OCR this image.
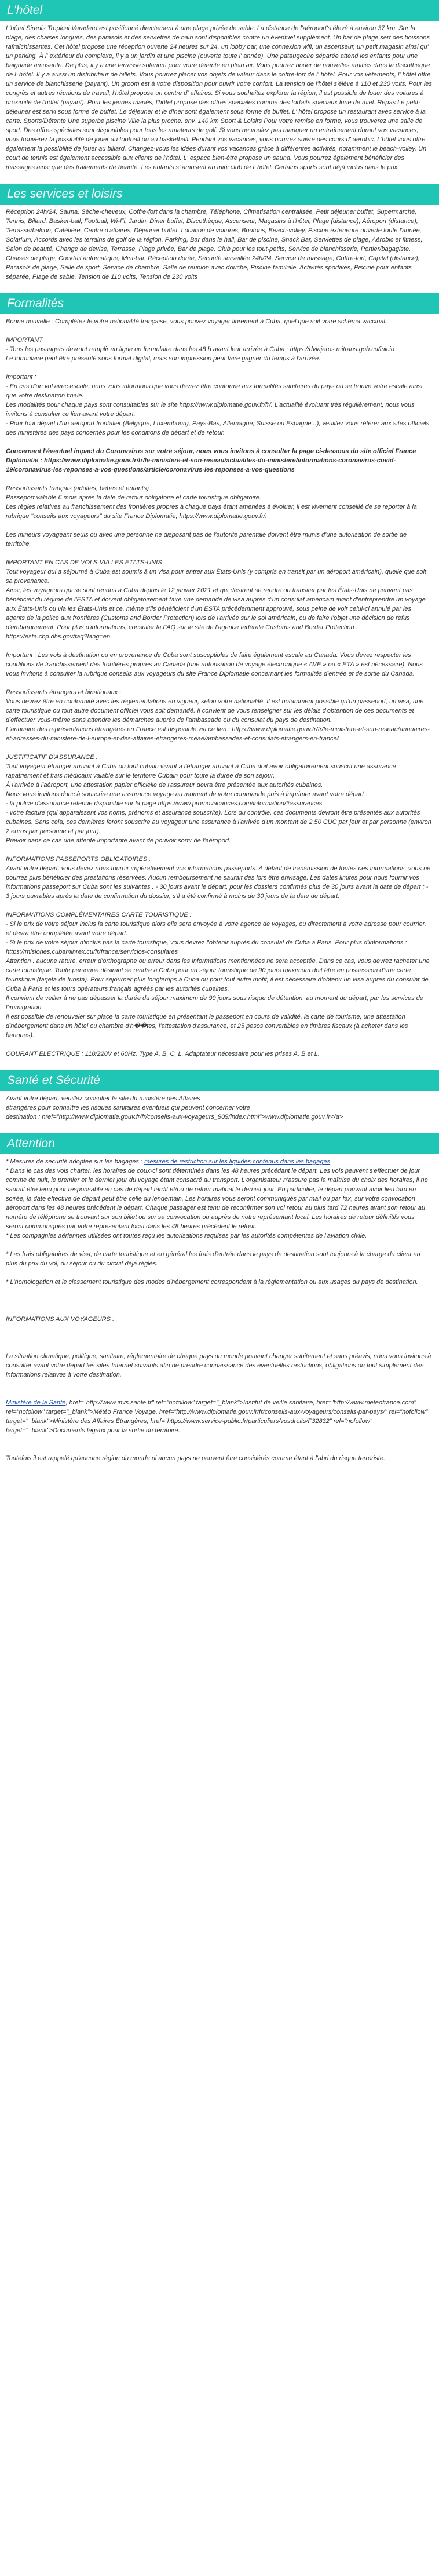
L'hôtel

L'hôtel Sirenis Tropical Varadero est positionné directement à une plage privée de sable. La distance de l'aéroport's élevé à environ 37 km. Sur la plage, des chaises longues, des parasols et des serviettes de bain sont disponibles contre un éventuel supplément. Un bar de plage sert des boissons rafraîchissantes. Cet hôtel propose une réception ouverte 24 heures sur 24, un lobby bar, une connexion wifi, un ascenseur, un petit magasin ainsi qu' un parking. À l' extérieur du complexe, il y a un jardin et une piscine (ouverte toute l' année). Une pataugeoire séparée attend les enfants pour une baignade amusante. De plus, il y a une terrasse solarium pour votre détente en plein air. Vous pourrez nouer de nouvelles amitiés dans la discothèque de l' hôtel. Il y a aussi un distributeur de billets. Vous pourrez placer vos objets de valeur dans le coffre-fort de l' hôtel. Pour vos vêtements, l' hôtel offre un service de blanchisserie (payant). Un groom est à votre disposition pour ouvrir votre confort. La tension de l'hôtel s'élève à 110 et 230 volts. Pour les congrès et autres réunions de travail, l'hôtel propose un centre d' affaires. Si vous souhaitez explorer la région, il est possible de louer des voitures à proximité de l'hôtel (payant). Pour les jeunes mariés, l'hôtel propose des offres spéciales comme des forfaits spéciaux lune de miel. Repas Le petit-déjeuner est servi sous forme de buffet. Le déjeuner et le dîner sont également sous forme de buffet. L' hôtel propose un restaurant avec service à la carte. Sports/Détente Une superbe piscine Ville la plus proche: env. 140 km Sport & Loisirs Pour votre remise en forme, vous trouverez une salle de sport. Des offres spéciales sont disponibles pour tous les amateurs de golf. Si vous ne voulez pas manquer un entraînement durant vos vacances, vous trouverez la possibilité de jouer au football ou au basketball. Pendant vos vacances, vous pourrez suivre des cours d' aérobic. L'hôtel vous offre également la possibilité de jouer au billard. Changez-vous les idées durant vos vacances grâce à différentes activités, notamment le beach-volley. Un court de tennis est également accessible aux clients de l'hôtel. L' espace bien-être propose un sauna. Vous pourrez également bénéficier des massages ainsi que des traitements de beauté. Les enfants s' amusent au mini club de l' hôtel. Certains sports sont déjà inclus dans le prix.

Les services et loisirs

Réception 24h/24, Sauna, Sèche-cheveux, Coffre-fort dans la chambre, Téléphone, Climatisation centralisée, Petit déjeuner buffet, Supermarché, Tennis, Billard, Basket-ball, Football, Wi-Fi, Jardin, Dîner buffet, Discothèque, Ascenseur, Magasins à l'hôtel, Plage (distance), Aéroport (distance), Terrasse/balcon, Cafétière, Centre d'affaires, Déjeuner buffet, Location de voitures, Boutons, Beach-volley, Piscine extérieure ouverte toute l'année, Solarium, Accords avec les terrains de golf de la région, Parking, Bar dans le hall, Bar de piscine, Snack Bar, Serviettes de plage, Aérobic et fitness, Salon de beauté, Change de devise, Terrasse, Plage privée, Bar de plage, Club pour les tout-petits, Service de blanchisserie, Portier/bagagiste, Chaises de plage, Cocktail automatique, Mini-bar, Réception dorée, Sécurité surveillée 24h/24, Service de massage, Coffre-fort, Capital (distance), Parasols de plage, Salle de sport, Service de chambre, Salle de réunion avec douche, Piscine familiale, Activités sportives, Piscine pour enfants séparée, Plage de sable, Tension de 110 volts, Tension de 230 volts

Formalités

Bonne nouvelle : Complétez le votre nationalité française, vous pouvez voyager librement à Cuba, quel que soit votre schéma vaccinal.

IMPORTANT

- Tous les passagers devront remplir en ligne un formulaire dans les 48 h avant leur arrivée à Cuba : https://dviajeros.mitrans.gob.cu/inicio

Le formulaire peut être présenté sous format digital, mais son impression peut faire gagner du temps à l'arrivée.

Important :

- En cas d'un vol avec escale, nous vous informons que vous devrez être conforme aux formalités sanitaires du pays où se trouve votre escale ainsi que votre destination finale.

Les modalités pour chaque pays sont consultables sur le site https://www.diplomatie.gouv.fr/fr/. L'actualité évoluant très régulièrement, nous vous invitons à consulter ce lien avant votre départ.

- Pour tout départ d'un aéroport frontalier (Belgique, Luxembourg, Pays-Bas, Allemagne, Suisse ou Espagne...), veuillez vous référer aux sites officiels des ministères des pays concernés pour les conditions de départ et de retour.

Concernant l'éventuel impact du Coronavirus sur votre séjour, nous vous invitons à consulter la page ci-dessous du site officiel France Diplomatie : https://www.diplomatie.gouv.fr/fr/le-ministere-et-son-reseau/actualites-du-ministere/informations-coronavirus-covid-19/coronavirus-les-reponses-a-vos-questions/article/coronavirus-les-reponses-a-vos-questions

Ressortissants français (adultes, bébés et enfants) :

Passeport valable 6 mois après la date de retour obligatoire et carte touristique obligatoire.

Les règles relatives au franchissement des frontières propres à chaque pays étant amenées à évoluer, il est vivement conseillé de se reporter à la rubrique "conseils aux voyageurs" du site France Diplomatie, https://www.diplomatie.gouv.fr/.

Les mineurs voyageant seuls ou avec une personne ne disposant pas de l'autorité parentale doivent être munis d'une autorisation de sortie de territoire.

IMPORTANT EN CAS DE VOLS VIA LES ETATS-UNIS

Tout voyageur qui a séjourné à Cuba est soumis à un visa pour entrer aux États-Unis (y compris en transit par un aéroport américain), quelle que soit sa provenance.

Ainsi, les voyageurs qui se sont rendus à Cuba depuis le 12 janvier 2021 et qui désirent se rendre ou transiter par les États-Unis ne peuvent pas bénéficier du régime de l'ESTA et doivent obligatoirement faire une demande de visa auprès d'un consulat américain avant d'entreprendre un voyage aux États-Unis ou via les États-Unis et ce, même s'ils bénéficient d'un ESTA précédemment approuvé, sous peine de voir celui-ci annulé par les agents de la police aux frontières (Customs and Border Protection) lors de l'arrivée sur le sol américain, ou de faire l'objet une décision de refus d'embarquement. Pour plus d'informations, consulter la FAQ sur le site de l'agence fédérale Customs and Border Protection : https://esta.cbp.dhs.gov/faq?lang=en.

Important : Les vols à destination ou en provenance de Cuba sont susceptibles de faire également escale au Canada. Vous devez respecter les conditions de franchissement des frontières propres au Canada (une autorisation de voyage électronique « AVE » ou « ETA » est nécessaire). Nous vous invitons à consulter la rubrique conseils aux voyageurs du site France Diplomatie concernant les formalités d'entrée et de sortie du Canada.

Ressortissants étrangers et binationaux :

Vous devrez être en conformité avec les réglementations en vigueur, selon votre nationalité. Il est notamment possible qu'un passeport, un visa, une carte touristique ou tout autre document officiel vous soit demandé. Il convient de vous renseigner sur les délais d'obtention de ces documents et d'effectuer vous-même sans attendre les démarches auprès de l'ambassade ou du consulat du pays de destination.

L'annuaire des représentations étrangères en France est disponible via ce lien : https://www.diplomatie.gouv.fr/fr/le-ministere-et-son-reseau/annuaires-et-adresses-du-ministere-de-l-europe-et-des-affaires-etrangeres-meae/ambassades-et-consulats-etrangers-en-france/

JUSTIFICATIF D'ASSURANCE :

Tout voyageur étranger arrivant à Cuba ou tout cubain vivant à l'étranger arrivant à Cuba doit avoir obligatoirement souscrit une assurance rapatriement et frais médicaux valable sur le territoire Cubain pour toute la durée de son séjour.

À l'arrivée à l'aéroport, une attestation papier officielle de l'assureur devra être présentée aux autorités cubaines.

Nous vous invitons donc à souscrire une assurance voyage au moment de votre commande puis à imprimer avant votre départ :

- la police d'assurance retenue disponible sur la page https://www.promovacances.com/information/#assurances

- votre facture (qui apparaissent vos noms, prénoms et assurance souscrite). Lors du contrôle, ces documents devront être présentés aux autorités cubaines. Sans cela, ces dernières feront souscrire au voyageur une assurance à l'arrivée d'un montant de 2,50 CUC par jour et par personne (environ 2 euros par personne et par jour).

Prévoir dans ce cas une attente importante avant de pouvoir sortir de l'aéroport.

INFORMATIONS PASSEPORTS OBLIGATOIRES :

Avant votre départ, vous devez nous fournir impérativement vos informations passeports. A défaut de transmission de toutes ces informations, vous ne pourrez plus bénéficier des prestations réservées. Aucun remboursement ne saurait dès lors être envisagé. Les dates limites pour nous fournir vos informations passeport sur Cuba sont les suivantes : - 30 jours avant le départ, pour les dossiers confirmés plus de 30 jours avant la date de départ ; - 3 jours ouvrables après la date de confirmation du dossier, s'il a été confirmé à moins de 30 jours de la date de départ.

INFORMATIONS COMPLÉMENTAIRES CARTE TOURISTIQUE :

- Si le prix de votre séjour inclus la carte touristique alors elle sera envoyée à votre agence de voyages, ou directement à votre adresse pour courrier, et devra être complétée avant votre départ.

- Si le prix de votre séjour n'inclus pas la carte touristique, vous devrez l'obtenir auprès du consulat de Cuba à Paris. Pour plus d'informations : https://misiones.cubaminrex.cu/fr/france/servicios-consulares

Attention : aucune rature, erreur d'orthographe ou erreur dans les informations mentionnées ne sera acceptée. Dans ce cas, vous devrez racheter une carte touristique. Toute personne désirant se rendre à Cuba pour un séjour touristique de 90 jours maximum doit être en possession d'une carte touristique (tarjeta de turista). Pour séjourner plus longtemps à Cuba ou pour tout autre motif, il est nécessaire d'obtenir un visa auprès du consulat de Cuba à Paris et les tours opérateurs français agréés par les autorités cubaines.

Il convient de veiller à ne pas dépasser la durée du séjour maximum de 90 jours sous risque de détention, au moment du départ, par les services de l'immigration.

Il est possible de renouveler sur place la carte touristique en présentant le passeport en cours de validité, la carte de tourisme, une attestation d'hébergement dans un hôtel ou chambre d'h��tes, l'attestation d'assurance, et 25 pesos convertibles en timbres fiscaux (à acheter dans les banques).

COURANT ELECTRIQUE : 110/220V et 60Hz. Type A, B, C, L. Adaptateur nécessaire pour les prises A, B et L.

Santé et Sécurité

Avant votre départ, veuillez consulter le site du ministère des Affaires

étrangères pour connaître les risques sanitaires éventuels qui peuvent concerner votre

destination : href="http://www.diplomatie.gouv.fr/fr/conseils-aux-voyageurs_909/index.html">www.diplomatie.gouv.fr</a>

Attention

* Mesures de sécurité adoptée sur les bagages : mesures de restriction sur les liquides contenus dans les bagages

* Dans le cas des vols charter, les horaires de coux-ci sont déterminés dans les 48 heures précédant le départ. Les vols peuvent s'effectuer de jour comme de nuit, le premier et le dernier jour du voyage étant consacré au transport. L'organisateur n'assure pas la maîtrise du choix des horaires, il ne saurait être tenu pour responsable en cas de départ tardif et/ou de retour matinal le dernier jour. En particulier, le départ pouvant avoir lieu tard en soirée, la date effective de départ peut être celle du lendemain. Les horaires vous seront communiqués par mail ou par fax, sur votre convocation aéroport dans les 48 heures précédent le départ. Chaque passager est tenu de reconfirmer son vol retour au plus tard 72 heures avant son retour au numéro de téléphone se trouvant sur son billet ou sur sa convocation ou auprès de notre représentant local. Les horaires de retour définitifs vous seront communiqués par votre représentant local dans les 48 heures précédent le retour.

* Les compagnies aériennes utilisées ont toutes reçu les autorisations requises par les autorités compétentes de l'aviation civile.

* Les frais obligatoires de visa, de carte touristique et en général les frais d'entrée dans le pays de destination sont toujours à la charge du client en plus du prix du vol, du séjour ou du circuit déjà réglés.

* L'homologation et le classement touristique des modes d'hébergement correspondent à la réglementation ou aux usages du pays de destination.

INFORMATIONS AUX VOYAGEURS :

La situation climatique, politique, sanitaire, réglementaire de chaque pays du monde pouvant changer subitement et sans préavis, nous vous invitons à consulter avant votre départ les sites Internet suivants afin de prendre connaissance des éventuelles restrictions, obligations ou tout simplement des informations relatives à votre destination.

Ministère de la Santé, href="http://www.invs.sante.fr" rel="nofollow" target="_blank">Institut de veille sanitaire, href="http://www.meteofrance.com" rel="nofollow" target="_blank">Météo France Voyage, href="http://www.diplomatie.gouv.fr/fr/conseils-aux-voyageurs/conseils-par-pays/" rel="nofollow" target="_blank">Ministère des Affaires Étrangères, href="https://www.service-public.fr/particuliers/vosdroits/F32832" rel="nofollow" target="_blank">Documents légaux pour la sortie du territoire.

Toutefois il est rappelé qu'aucune région du monde ni aucun pays ne peuvent être considérés comme étant à l'abri du risque terroriste.
